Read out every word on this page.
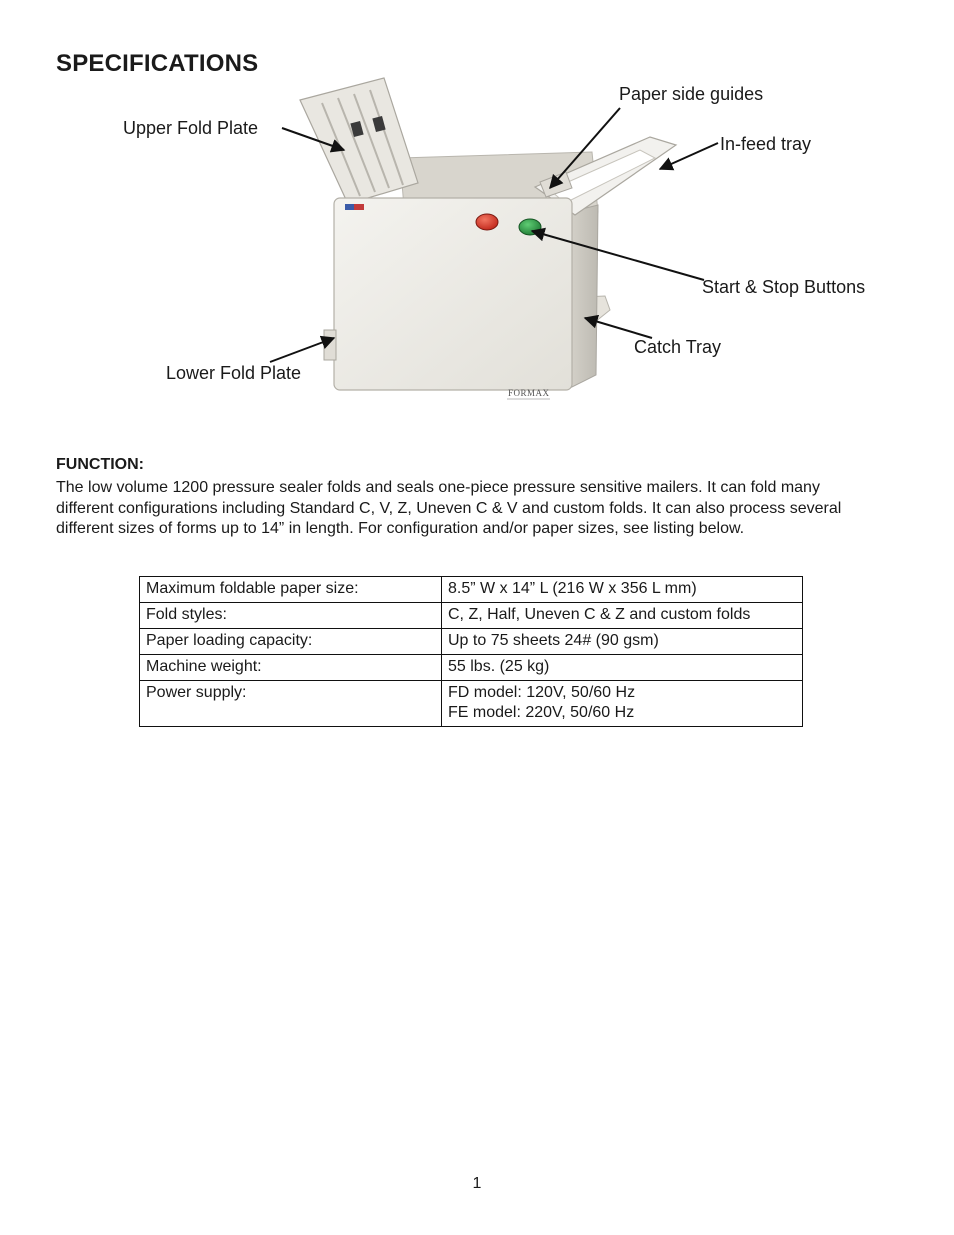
SPECIFICATIONS
FORMAX
Upper Fold Plate
Paper side guides
In-feed tray
Start & Stop Buttons
Catch Tray
Lower Fold Plate
FUNCTION:
The low volume 1200 pressure sealer folds and seals one-piece pressure sensitive mailers. It can fold many
different configurations including Standard C, V, Z, Uneven C & V and custom folds. It can also process several
different sizes of forms up to 14” in length. For configuration and/or paper sizes, see listing below.
Maximum foldable paper size:	8.5” W x 14” L (216 W x 356 L mm)
Fold styles:	C, Z, Half, Uneven C & Z and custom folds
Paper loading capacity:	Up to 75 sheets 24# (90 gsm)
Machine weight:	55 lbs. (25 kg)
Power supply:	FD model: 120V, 50/60 Hz
FE model: 220V, 50/60 Hz
1
